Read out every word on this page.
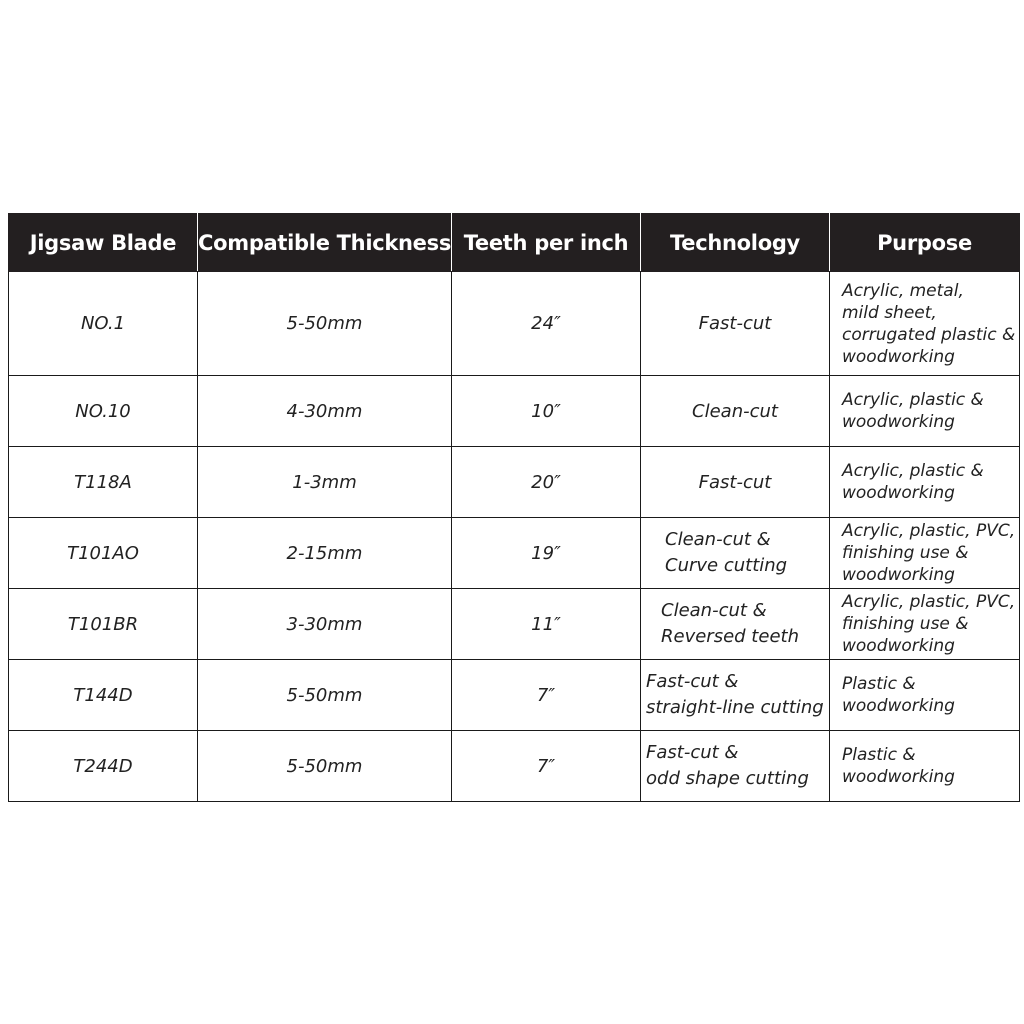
Jigsaw Blade	Compatible Thickness	Teeth per inch	Technology	Purpose
NO.1	5-50mm	24″	Fast-cut	Acrylic, metal,
mild sheet,
corrugated plastic &
woodworking
NO.10	4-30mm	10″	Clean-cut	Acrylic, plastic &
woodworking
T118A	1-3mm	20″	Fast-cut	Acrylic, plastic &
woodworking
T101AO	2-15mm	19″	Clean-cut &
Curve cutting	Acrylic, plastic, PVC,
finishing use &
woodworking
T101BR	3-30mm	11″	Clean-cut &
Reversed teeth	Acrylic, plastic, PVC,
finishing use &
woodworking
T144D	5-50mm	7″	Fast-cut &
straight-line cutting	Plastic &
woodworking
T244D	5-50mm	7″	Fast-cut &
odd shape cutting	Plastic &
woodworking
